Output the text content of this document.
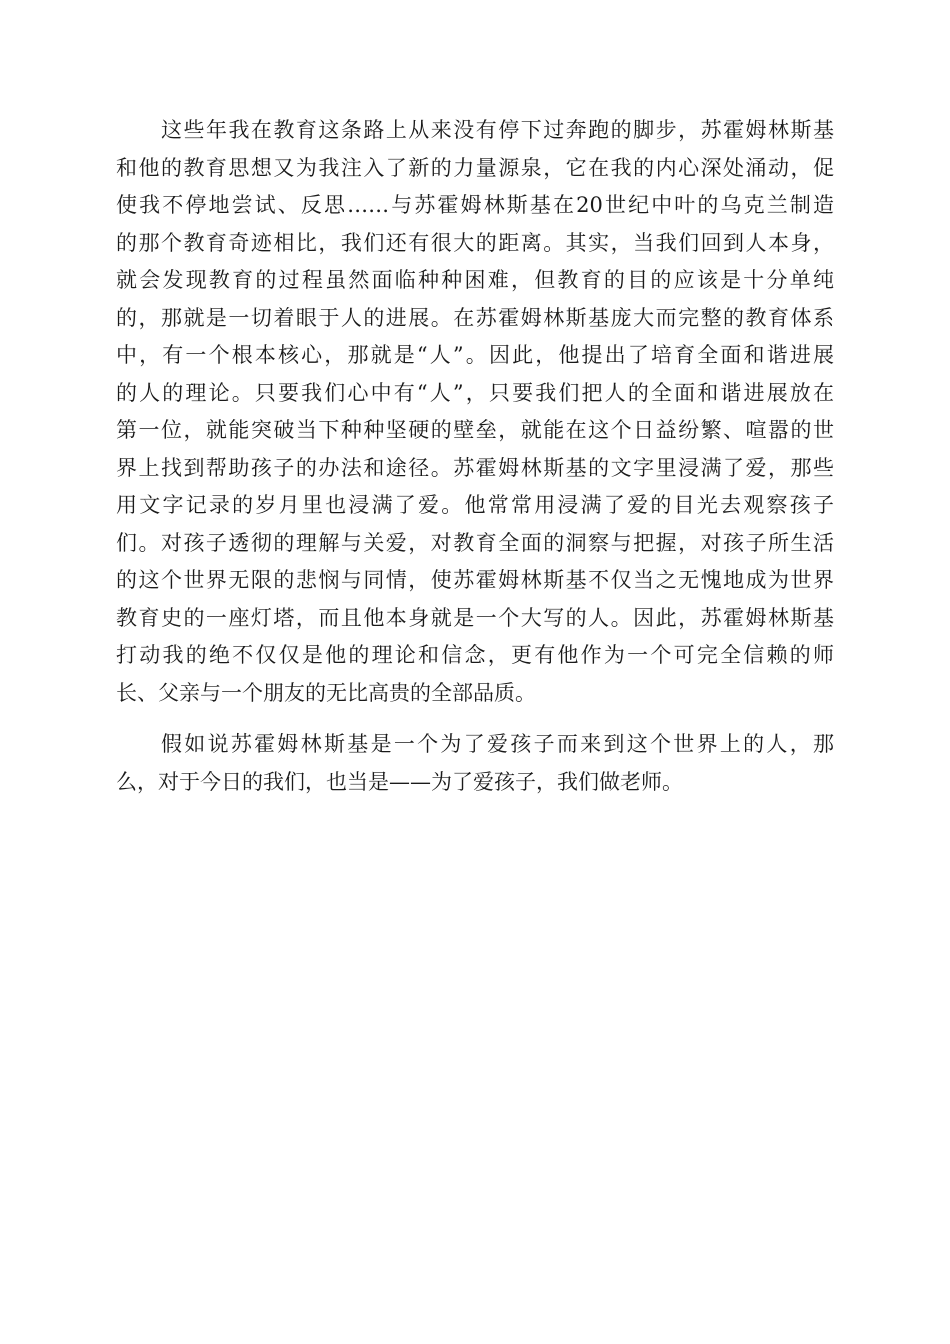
这些年我在教育这条路上从来没有停下过奔跑的脚步，苏霍姆林斯基
和他的教育思想又为我注入了新的力量源泉，它在我的内心深处涌动，促
使我不停地尝试、反思……与苏霍姆林斯基在20世纪中叶的乌克兰制造
的那个教育奇迹相比，我们还有很大的距离。其实，当我们回到人本身，
就会发现教育的过程虽然面临种种困难，但教育的目的应该是十分单纯
的，那就是一切着眼于人的进展。在苏霍姆林斯基庞大而完整的教育体系
中，有一个根本核心，那就是“人”。因此，他提出了培育全面和谐进展
的人的理论。只要我们心中有“人”，只要我们把人的全面和谐进展放在
第一位，就能突破当下种种坚硬的壁垒，就能在这个日益纷繁、喧嚣的世
界上找到帮助孩子的办法和途径。苏霍姆林斯基的文字里浸满了爱，那些
用文字记录的岁月里也浸满了爱。他常常用浸满了爱的目光去观察孩子
们。对孩子透彻的理解与关爱，对教育全面的洞察与把握，对孩子所生活
的这个世界无限的悲悯与同情，使苏霍姆林斯基不仅当之无愧地成为世界
教育史的一座灯塔，而且他本身就是一个大写的人。因此，苏霍姆林斯基
打动我的绝不仅仅是他的理论和信念，更有他作为一个可完全信赖的师
长、父亲与一个朋友的无比高贵的全部品质。
假如说苏霍姆林斯基是一个为了爱孩子而来到这个世界上的人，那
么，对于今日的我们，也当是——为了爱孩子，我们做老师。
